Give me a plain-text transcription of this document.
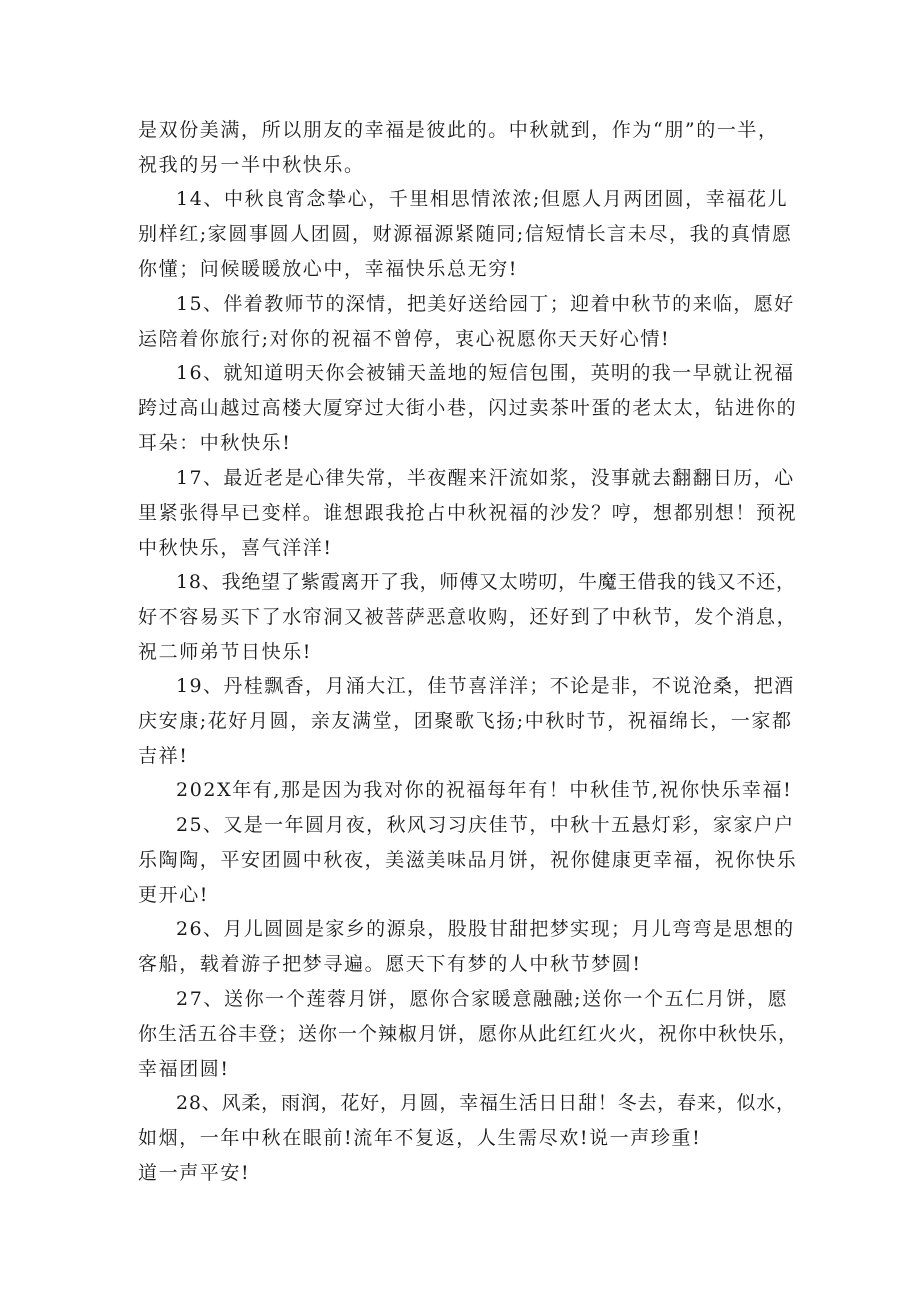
是双份美满，所以朋友的幸福是彼此的。中秋就到，作为“朋”的一半，
祝我的另一半中秋快乐。

14、中秋良宵念挚心，千里相思情浓浓;但愿人月两团圆，幸福花儿
别样红;家圆事圆人团圆，财源福源紧随同;信短情长言未尽，我的真情愿
你懂；问候暖暖放心中，幸福快乐总无穷!

15、伴着教师节的深情，把美好送给园丁；迎着中秋节的来临，愿好
运陪着你旅行;对你的祝福不曾停，衷心祝愿你天天好心情!

16、就知道明天你会被铺天盖地的短信包围，英明的我一早就让祝福
跨过高山越过高楼大厦穿过大街小巷，闪过卖茶叶蛋的老太太，钻进你的
耳朵：中秋快乐!

17、最近老是心律失常，半夜醒来汗流如浆，没事就去翻翻日历，心
里紧张得早已变样。谁想跟我抢占中秋祝福的沙发？哼，想都别想！预祝
中秋快乐，喜气洋洋!

18、我绝望了紫霞离开了我，师傅又太唠叨，牛魔王借我的钱又不还，
好不容易买下了水帘洞又被菩萨恶意收购，还好到了中秋节，发个消息，
祝二师弟节日快乐!

19、丹桂飘香，月涌大江，佳节喜洋洋；不论是非，不说沧桑，把酒
庆安康;花好月圆，亲友满堂，团聚歌飞扬;中秋时节，祝福绵长，一家都
吉祥!

202X年有,那是因为我对你的祝福每年有！中秋佳节,祝你快乐幸福!

25、又是一年圆月夜，秋风习习庆佳节，中秋十五悬灯彩，家家户户
乐陶陶，平安团圆中秋夜，美滋美味品月饼，祝你健康更幸福，祝你快乐
更开心!

26、月儿圆圆是家乡的源泉，股股甘甜把梦实现；月儿弯弯是思想的
客船，载着游子把梦寻遍。愿天下有梦的人中秋节梦圆!

27、送你一个莲蓉月饼，愿你合家暖意融融;送你一个五仁月饼，愿
你生活五谷丰登；送你一个辣椒月饼，愿你从此红红火火，祝你中秋快乐，
幸福团圆!

28、风柔，雨润，花好，月圆，幸福生活日日甜！冬去，春来，似水，
如烟，一年中秋在眼前!流年不复返，人生需尽欢!说一声珍重!
道一声平安!
